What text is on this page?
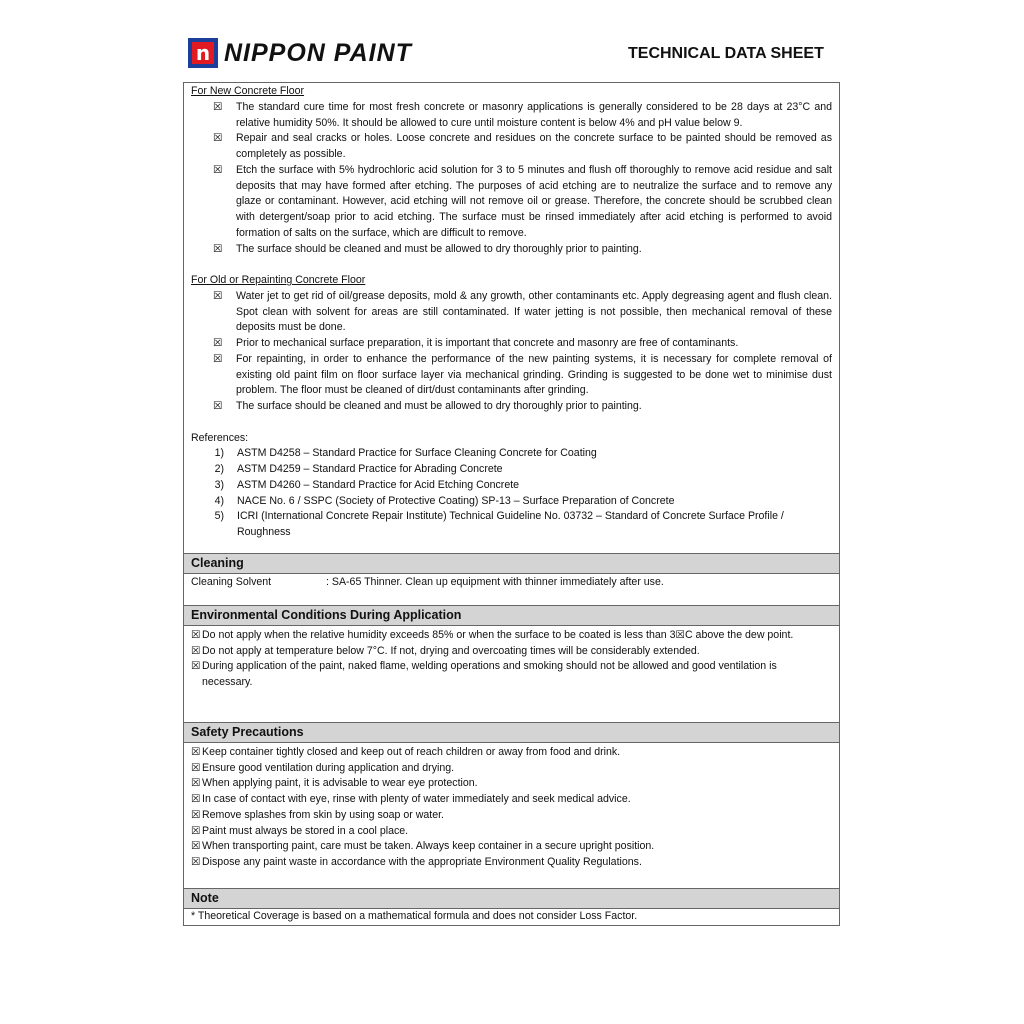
n NIPPON PAINT	TECHNICAL DATA SHEET
For New Concrete Floor
☒	The standard cure time for most fresh concrete or masonry applications is generally considered to be 28 days at 23°C and relative humidity 50%. It should be allowed to cure until moisture content is below 4% and pH value below 9.
☒	Repair and seal cracks or holes. Loose concrete and residues on the concrete surface to be painted should be removed as completely as possible.
☒	Etch the surface with 5% hydrochloric acid solution for 3 to 5 minutes and flush off thoroughly to remove acid residue and salt deposits that may have formed after etching. The purposes of acid etching are to neutralize the surface and to remove any glaze or contaminant. However, acid etching will not remove oil or grease. Therefore, the concrete should be scrubbed clean with detergent/soap prior to acid etching. The surface must be rinsed immediately after acid etching is performed to avoid formation of salts on the surface, which are difficult to remove.
☒	The surface should be cleaned and must be allowed to dry thoroughly prior to painting.
For Old or Repainting Concrete Floor
☒	Water jet to get rid of oil/grease deposits, mold & any growth, other contaminants etc. Apply degreasing agent and flush clean. Spot clean with solvent for areas are still contaminated. If water jetting is not possible, then mechanical removal of these deposits must be done.
☒	Prior to mechanical surface preparation, it is important that concrete and masonry are free of contaminants.
☒	For repainting, in order to enhance the performance of the new painting systems, it is necessary for complete removal of existing old paint film on floor surface layer via mechanical grinding. Grinding is suggested to be done wet to minimise dust problem. The floor must be cleaned of dirt/dust contaminants after grinding.
☒	The surface should be cleaned and must be allowed to dry thoroughly prior to painting.
References:
1)	ASTM D4258 – Standard Practice for Surface Cleaning Concrete for Coating
2)	ASTM D4259 – Standard Practice for Abrading Concrete
3)	ASTM D4260 – Standard Practice for Acid Etching Concrete
4)	NACE No. 6 / SSPC (Society of Protective Coating) SP-13 – Surface Preparation of Concrete
5)	ICRI (International Concrete Repair Institute) Technical Guideline No. 03732 – Standard of Concrete Surface Profile / Roughness
Cleaning
Cleaning Solvent	: SA-65 Thinner. Clean up equipment with thinner immediately after use.
Environmental Conditions During Application
☒ Do not apply when the relative humidity exceeds 85% or when the surface to be coated is less than 3☒C above the dew point.
☒ Do not apply at temperature below 7°C. If not, drying and overcoating times will be considerably extended.
☒ During application of the paint, naked flame, welding operations and smoking should not be allowed and good ventilation is necessary.
Safety Precautions
☒ Keep container tightly closed and keep out of reach children or away from food and drink.
☒ Ensure good ventilation during application and drying.
☒ When applying paint, it is advisable to wear eye protection.
☒ In case of contact with eye, rinse with plenty of water immediately and seek medical advice.
☒ Remove splashes from skin by using soap or water.
☒ Paint must always be stored in a cool place.
☒ When transporting paint, care must be taken. Always keep container in a secure upright position.
☒ Dispose any paint waste in accordance with the appropriate Environment Quality Regulations.
Note
* Theoretical Coverage is based on a mathematical formula and does not consider Loss Factor.
